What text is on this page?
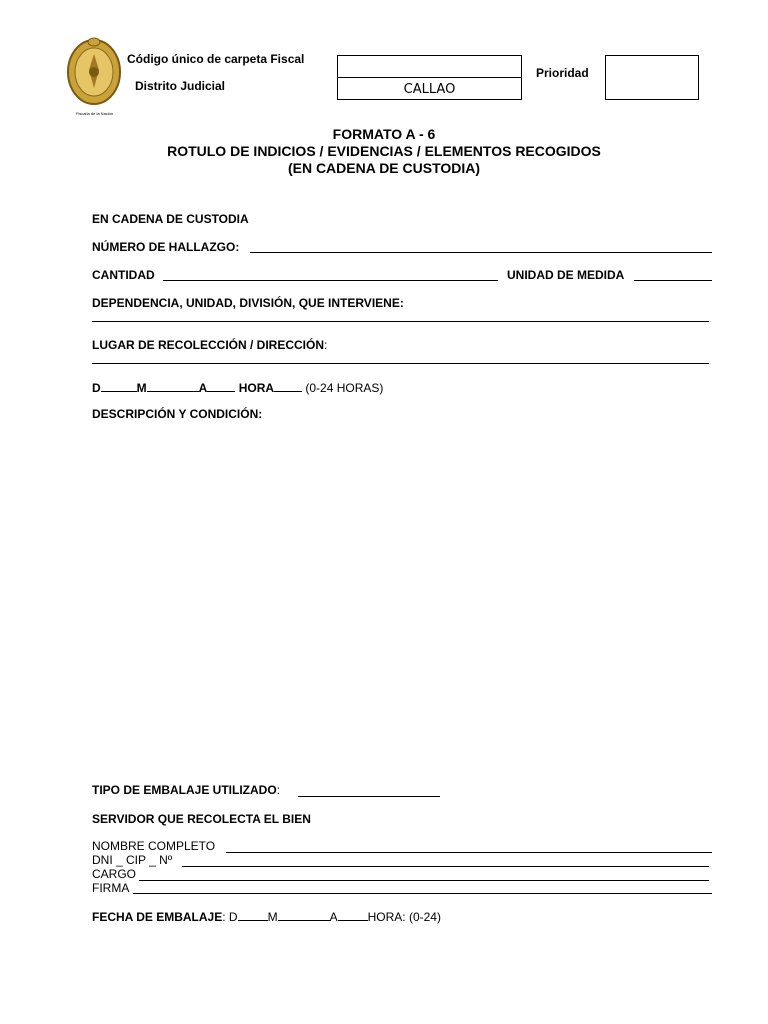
Fiscalía de la Nación
Código único de carpeta Fiscal
Distrito Judicial	CALLAO
Prioridad
FORMATO A - 6
ROTULO DE INDICIOS / EVIDENCIAS / ELEMENTOS RECOGIDOS
(EN CADENA DE CUSTODIA)
EN CADENA DE CUSTODIA
NÚMERO DE HALLAZGO:
CANTIDAD	UNIDAD DE MEDIDA
DEPENDENCIA, UNIDAD, DIVISIÓN, QUE INTERVIENE:
LUGAR DE RECOLECCIÓN / DIRECCIÓN:
D	M	A	HORA	(0-24 HORAS)
DESCRIPCIÓN Y CONDICIÓN:
TIPO DE EMBALAJE UTILIZADO:
SERVIDOR QUE RECOLECTA EL BIEN
NOMBRE COMPLETO
DNI _ CIP _ Nº
CARGO
FIRMA
FECHA DE EMBALAJE: D	M	A	HORA: (0-24)
